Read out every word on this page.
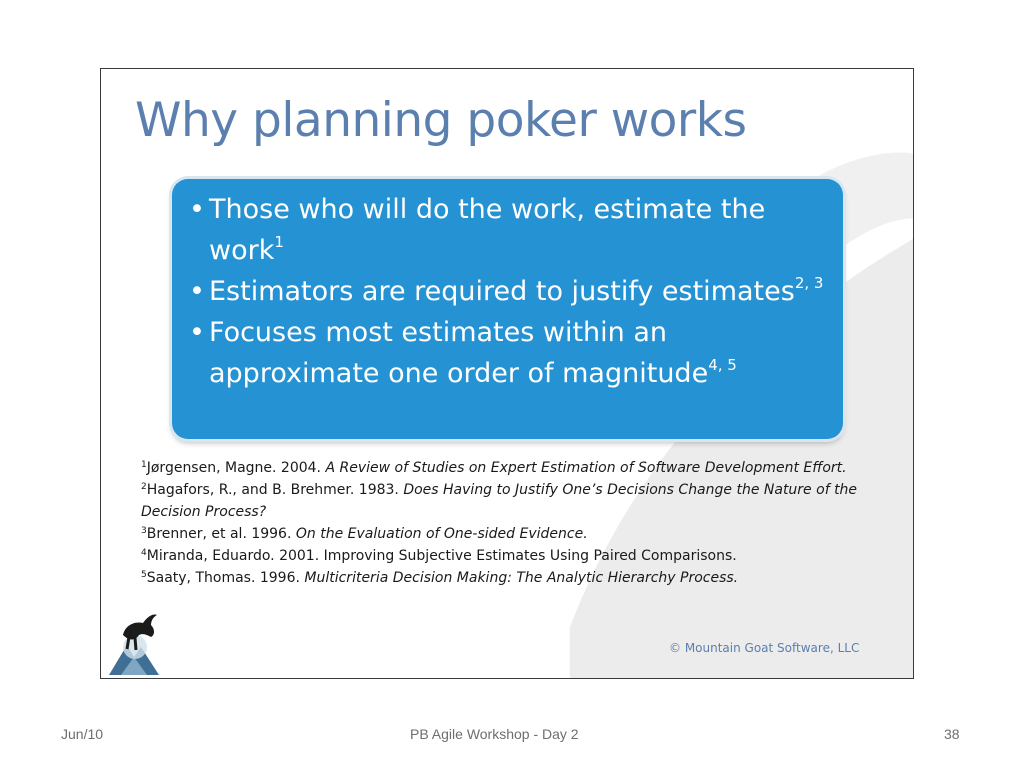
Why planning poker works
• Those who will do the work, estimate the work$^1$
• Estimators are required to justify estimates$^{2, 3}$
• Focuses most estimates within an approximate one order of magnitude$^{4, 5}$
$^1$Jørgensen, Magne. 2004. A Review of Studies on Expert Estimation of Software Development Effort.
$^2$Hagafors, R., and B. Brehmer. 1983. Does Having to Justify One’s Decisions Change the Nature of the Decision Process?
$^3$Brenner, et al. 1996. On the Evaluation of One-sided Evidence.
$^4$Miranda, Eduardo. 2001. Improving Subjective Estimates Using Paired Comparisons.
$^5$Saaty, Thomas. 1996. Multicriteria Decision Making: The Analytic Hierarchy Process.
© Mountain Goat Software, LLC
Jun/10	PB Agile Workshop - Day 2	38
